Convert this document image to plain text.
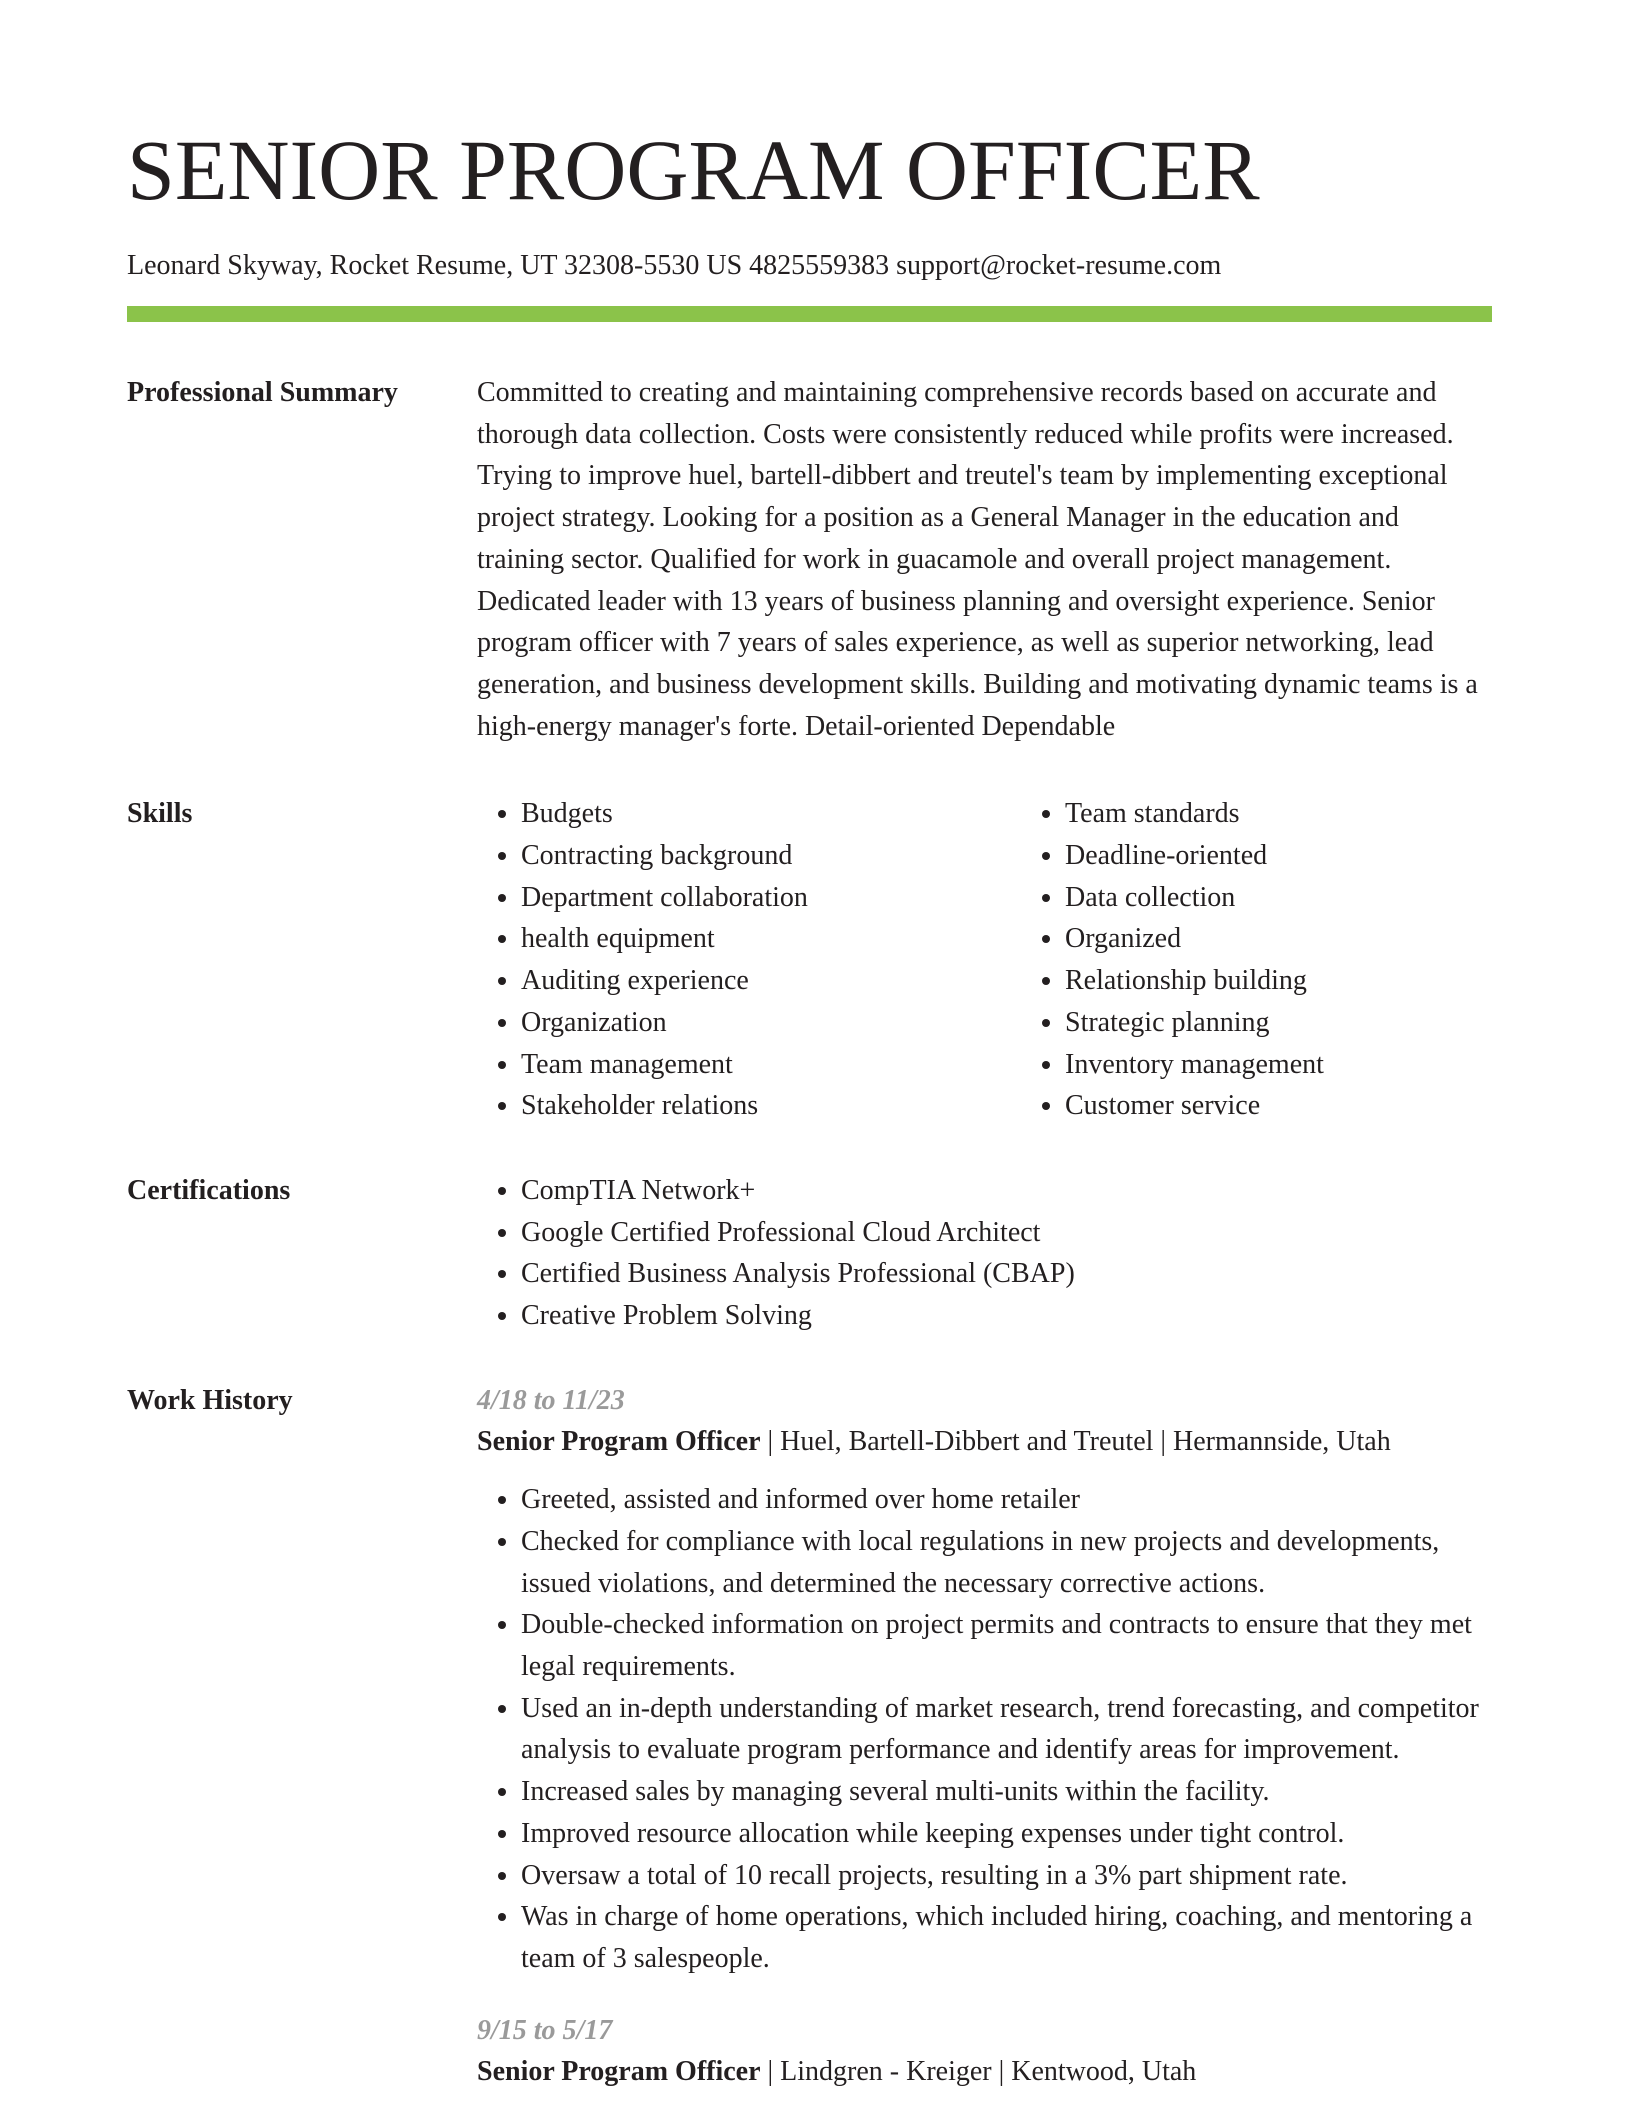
SENIOR PROGRAM OFFICER
Leonard Skyway, Rocket Resume, UT 32308-5530 US 4825559383 support@rocket-resume.com
Professional Summary	Committed to creating and maintaining comprehensive records based on accurate and thorough data collection. Costs were consistently reduced while profits were increased. Trying to improve huel, bartell-dibbert and treutel's team by implementing exceptional project strategy. Looking for a position as a General Manager in the education and training sector. Qualified for work in guacamole and overall project management. Dedicated leader with 13 years of business planning and oversight experience. Senior program officer with 7 years of sales experience, as well as superior networking, lead generation, and business development skills. Building and motivating dynamic teams is a high-energy manager's forte. Detail-oriented Dependable

Skills	• Budgets
• Contracting background
• Department collaboration
• health equipment
• Auditing experience
• Organization
• Team management
• Stakeholder relations
• Team standards
• Deadline-oriented
• Data collection
• Organized
• Relationship building
• Strategic planning
• Inventory management
• Customer service
Certifications	• CompTIA Network+
• Google Certified Professional Cloud Architect
• Certified Business Analysis Professional (CBAP)
• Creative Problem Solving
Work History	4/18 to 11/23
Senior Program Officer | Huel, Bartell-Dibbert and Treutel | Hermannside, Utah
• Greeted, assisted and informed over home retailer
• Checked for compliance with local regulations in new projects and developments, issued violations, and determined the necessary corrective actions.
• Double-checked information on project permits and contracts to ensure that they met legal requirements.
• Used an in-depth understanding of market research, trend forecasting, and competitor analysis to evaluate program performance and identify areas for improvement.
• Increased sales by managing several multi-units within the facility.
• Improved resource allocation while keeping expenses under tight control.
• Oversaw a total of 10 recall projects, resulting in a 3% part shipment rate.
• Was in charge of home operations, which included hiring, coaching, and mentoring a team of 3 salespeople.
9/15 to 5/17
Senior Program Officer | Lindgren - Kreiger | Kentwood, Utah
